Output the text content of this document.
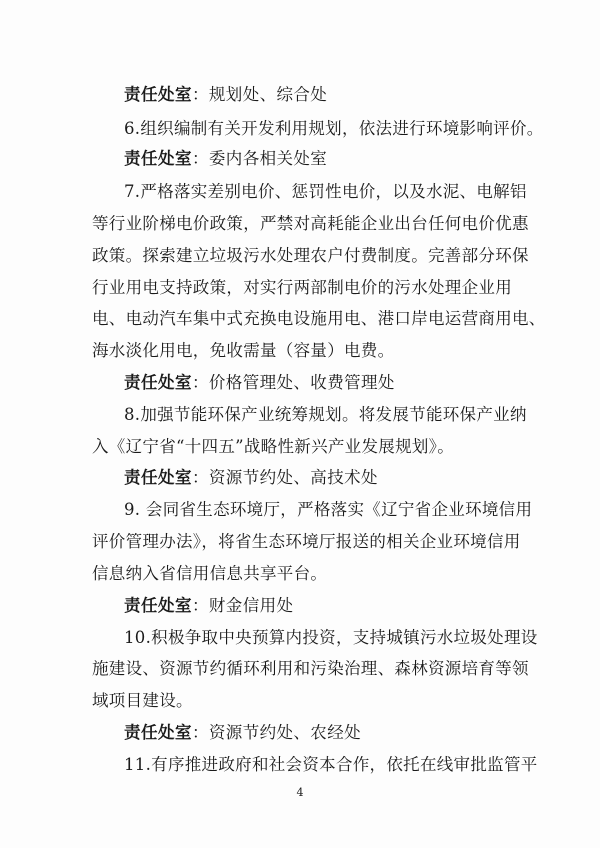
责任处室：规划处、综合处
6.组织编制有关开发利用规划，依法进行环境影响评价。
责任处室：委内各相关处室
7.严格落实差别电价、惩罚性电价，以及水泥、电解铝
等行业阶梯电价政策，严禁对高耗能企业出台任何电价优惠
政策。探索建立垃圾污水处理农户付费制度。完善部分环保
行业用电支持政策，对实行两部制电价的污水处理企业用
电、电动汽车集中式充换电设施用电、港口岸电运营商用电、
海水淡化用电，免收需量（容量）电费。
责任处室：价格管理处、收费管理处
8.加强节能环保产业统筹规划。将发展节能环保产业纳
入《辽宁省“十四五”战略性新兴产业发展规划》。
责任处室：资源节约处、高技术处
9. 会同省生态环境厅，严格落实《辽宁省企业环境信用
评价管理办法》，将省生态环境厅报送的相关企业环境信用
信息纳入省信用信息共享平台。
责任处室：财金信用处
10.积极争取中央预算内投资，支持城镇污水垃圾处理设
施建设、资源节约循环利用和污染治理、森林资源培育等领
域项目建设。
责任处室：资源节约处、农经处
11.有序推进政府和社会资本合作，依托在线审批监管平
4
